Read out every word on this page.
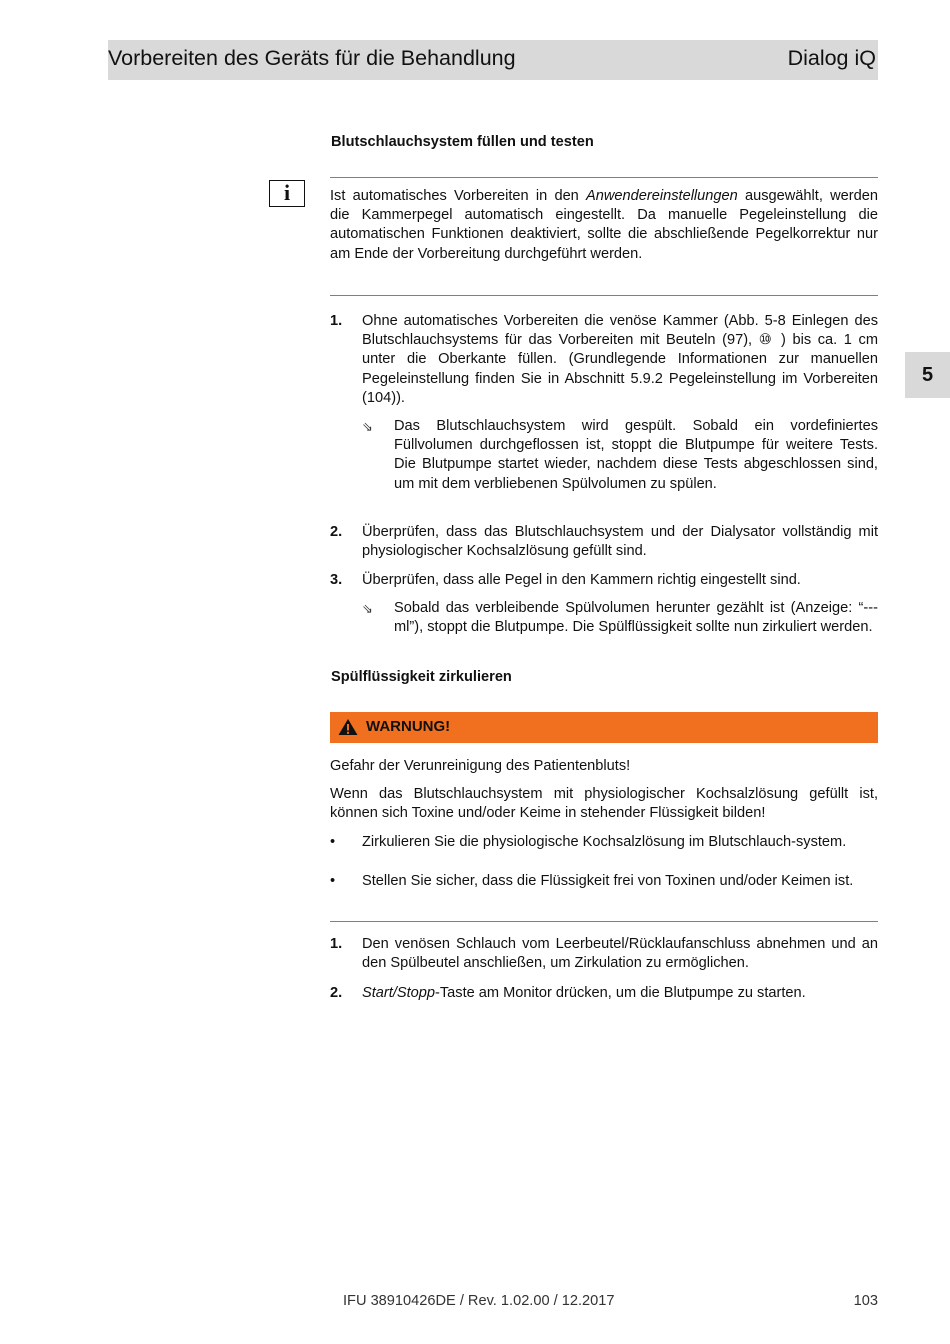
Vorbereiten des Geräts für die Behandlung	Dialog iQ
5
Blutschlauchsystem füllen und testen
i	Ist automatisches Vorbereiten in den Anwendereinstellungen ausgewählt, werden die Kammerpegel automatisch eingestellt. Da manuelle Pegeleinstellung die automatischen Funktionen deaktiviert, sollte die abschließende Pegelkorrektur nur am Ende der Vorbereitung durchgeführt werden.
1. Ohne automatisches Vorbereiten die venöse Kammer (Abb. 5-8 Einlegen des Blutschlauchsystems für das Vorbereiten mit Beuteln (97), ⑩ ) bis ca. 1 cm unter die Oberkante füllen. (Grundlegende Informationen zur manuellen Pegeleinstellung finden Sie in Abschnitt 5.9.2 Pegeleinstellung im Vorbereiten (104)).
⇘ Das Blutschlauchsystem wird gespült. Sobald ein vordefiniertes Füllvolumen durchgeflossen ist, stoppt die Blutpumpe für weitere Tests. Die Blutpumpe startet wieder, nachdem diese Tests abgeschlossen sind, um mit dem verbliebenen Spülvolumen zu spülen.
2. Überprüfen, dass das Blutschlauchsystem und der Dialysator vollständig mit physiologischer Kochsalzlösung gefüllt sind.
3. Überprüfen, dass alle Pegel in den Kammern richtig eingestellt sind.
⇘ Sobald das verbleibende Spülvolumen herunter gezählt ist (Anzeige: “--- ml”), stoppt die Blutpumpe. Die Spülflüssigkeit sollte nun zirkuliert werden.
Spülflüssigkeit zirkulieren
WARNUNG!
Gefahr der Verunreinigung des Patientenbluts!
Wenn das Blutschlauchsystem mit physiologischer Kochsalzlösung gefüllt ist, können sich Toxine und/oder Keime in stehender Flüssigkeit bilden!
• Zirkulieren Sie die physiologische Kochsalzlösung im Blutschlauch-system.
• Stellen Sie sicher, dass die Flüssigkeit frei von Toxinen und/oder Keimen ist.
1. Den venösen Schlauch vom Leerbeutel/Rücklaufanschluss abnehmen und an den Spülbeutel anschließen, um Zirkulation zu ermöglichen.
2. Start/Stopp-Taste am Monitor drücken, um die Blutpumpe zu starten.
IFU 38910426DE / Rev. 1.02.00 / 12.2017	103
